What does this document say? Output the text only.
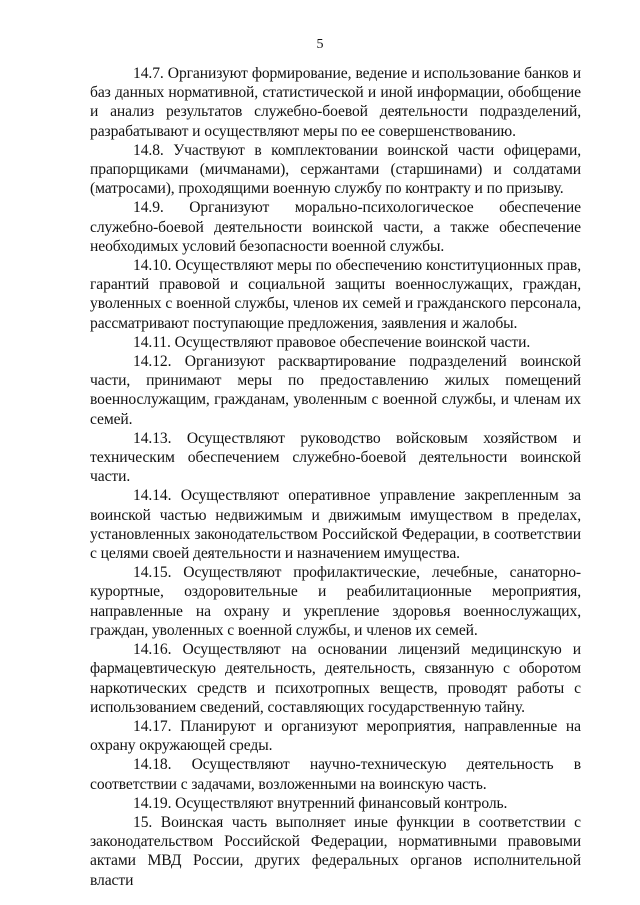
5

14.7. Организуют формирование, ведение и использование банков и баз данных нормативной, статистической и иной информации, обобщение и анализ результатов служебно-боевой деятельности подразделений, разрабатывают и осуществляют меры по ее совершенствованию.

14.8. Участвуют в комплектовании воинской части офицерами, прапорщиками (мичманами), сержантами (старшинами) и солдатами (матросами), проходящими военную службу по контракту и по призыву.

14.9. Организуют морально-психологическое обеспечение служебно-боевой деятельности воинской части, а также обеспечение необходимых условий безопасности военной службы.

14.10. Осуществляют меры по обеспечению конституционных прав, гарантий правовой и социальной защиты военнослужащих, граждан, уволенных с военной службы, членов их семей и гражданского персонала, рассматривают поступающие предложения, заявления и жалобы.

14.11. Осуществляют правовое обеспечение воинской части.

14.12. Организуют расквартирование подразделений воинской части, принимают меры по предоставлению жилых помещений военнослужащим, гражданам, уволенным с военной службы, и членам их семей.

14.13. Осуществляют руководство войсковым хозяйством и техническим обеспечением служебно-боевой деятельности воинской части.

14.14. Осуществляют оперативное управление закрепленным за воинской частью недвижимым и движимым имуществом в пределах, установленных законодательством Российской Федерации, в соответствии с целями своей деятельности и назначением имущества.

14.15. Осуществляют профилактические, лечебные, санаторно-курортные, оздоровительные и реабилитационные мероприятия, направленные на охрану и укрепление здоровья военнослужащих, граждан, уволенных с военной службы, и членов их семей.

14.16. Осуществляют на основании лицензий медицинскую и фармацевтическую деятельность, деятельность, связанную с оборотом наркотических средств и психотропных веществ, проводят работы с использованием сведений, составляющих государственную тайну.

14.17. Планируют и организуют мероприятия, направленные на охрану окружающей среды.

14.18. Осуществляют научно-техническую деятельность в соответствии с задачами, возложенными на воинскую часть.

14.19. Осуществляют внутренний финансовый контроль.

15. Воинская часть выполняет иные функции в соответствии с законодательством Российской Федерации, нормативными правовыми актами МВД России, других федеральных органов исполнительной власти
